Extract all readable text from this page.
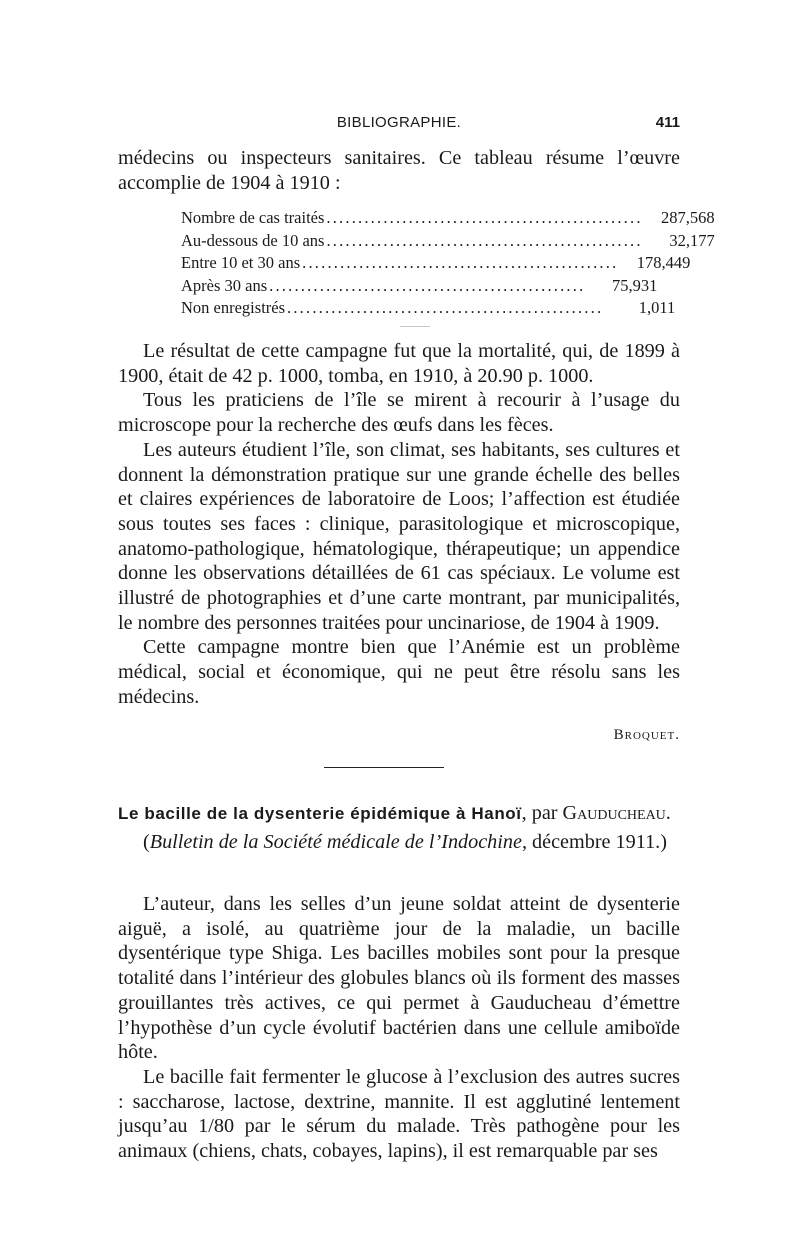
BIBLIOGRAPHIE.	411

médecins ou inspecteurs sanitaires. Ce tableau résume l’œuvre accomplie de 1904 à 1910 :

Nombre de cas traités ..................................................	287,568
Au-dessous de 10 ans ..................................................	32,177
Entre 10 et 30 ans ..................................................	178,449
Après 30 ans ..................................................	75,931
Non enregistrés ..................................................	1,011

Le résultat de cette campagne fut que la mortalité, qui, de 1899 à 1900, était de 42 p. 1000, tomba, en 1910, à 20.90 p. 1000.

Tous les praticiens de l’île se mirent à recourir à l’usage du microscope pour la recherche des œufs dans les fèces.

Les auteurs étudient l’île, son climat, ses habitants, ses cultures et donnent la démonstration pratique sur une grande échelle des belles et claires expériences de laboratoire de Loos; l’affection est étudiée sous toutes ses faces : clinique, parasitologique et microscopique, anatomo-pathologique, hématologique, thérapeutique; un appendice donne les observations détaillées de 61 cas spéciaux. Le volume est illustré de photographies et d’une carte montrant, par municipalités, le nombre des personnes traitées pour uncinariose, de 1904 à 1909.

Cette campagne montre bien que l’Anémie est un problème médical, social et économique, qui ne peut être résolu sans les médecins.

Broquet.
Le bacille de la dysenterie épidémique à Hanoï, par Gauducheau. (Bulletin de la Société médicale de l’Indochine, décembre 1911.)

L’auteur, dans les selles d’un jeune soldat atteint de dysenterie aiguë, a isolé, au quatrième jour de la maladie, un bacille dysentérique type Shiga. Les bacilles mobiles sont pour la presque totalité dans l’intérieur des globules blancs où ils forment des masses grouillantes très actives, ce qui permet à Gauducheau d’émettre l’hypothèse d’un cycle évolutif bactérien dans une cellule amiboïde hôte.

Le bacille fait fermenter le glucose à l’exclusion des autres sucres : saccharose, lactose, dextrine, mannite. Il est agglutiné lentement jusqu’au 1/80 par le sérum du malade. Très pathogène pour les animaux (chiens, chats, cobayes, lapins), il est remarquable par ses
